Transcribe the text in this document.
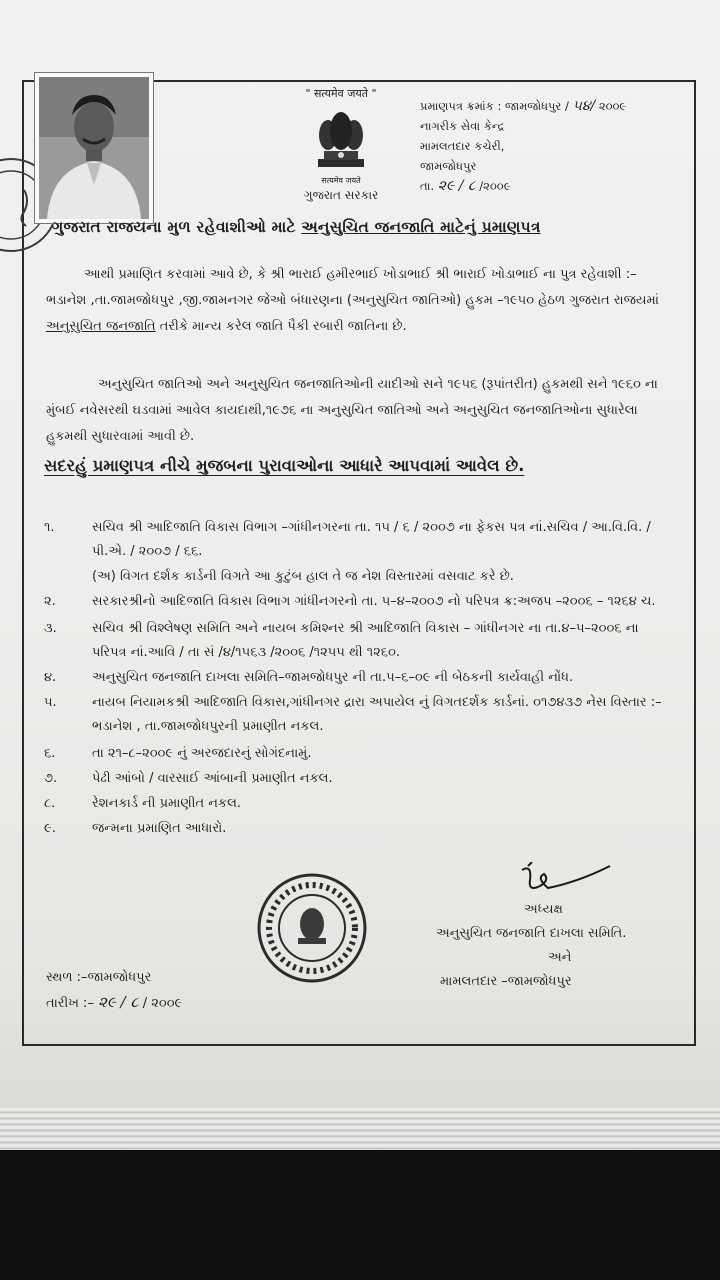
" सत्यमेव जयते "
सत्यमेव जयते
ગુજરાત સરકાર
પ્રમાણપત્ર ક્રમાંક : જામજોધપુર / ૫૪/ ૨૦૦૯
નાગરીક સેવા કેન્દ્ર
મામલતદાર કચેરી,
જામજોધપુર
તા. ૨૯ / ૮ /૨૦૦૯
ગુજરાત રાજયના મુળ રહેવાશીઓ માટે અનુસુચિત જનજાતિ માટેનું પ્રમાણપત્ર
આથી પ્રમાણિત કરવામાં આવે છે, કે શ્રી ભારાઈ હમીરભાઈ ખોડાભાઈ શ્રી ભારાઈ ખોડાભાઈ ના પુત્ર રહેવાશી :– ભડાનેશ ,તા.જામજોધપુર ,જી.જામનગર જેઓ બંધારણના (અનુસુચિત જાતિઓ) હુકમ –૧૯૫૦ હેઠળ ગુજરાત રાજયમાં અનુસુચિત જનજાતિ તરીકે માન્ય કરેલ જાતિ પૈકી રબારી જાતિના છે.
અનુસુચિત જાતિઓ અને અનુસુચિત જનજાતિઓની યાદીઓ સને ૧૯૫૬ (રૂપાંતરીત) હુકમથી સને ૧૯૬૦ ના મુંબઈ નવેસરથી ઘડવામાં આવેલ કાયદાથી,૧૯૭૬ ના અનુસુચિત જાતિઓ અને અનુસુચિત જનજાતિઓના સુધારેલા હુકમથી સુધારવામાં આવી છે.
સદરહું પ્રમાણપત્ર નીચે મુજબના પુરાવાઓના આધારે આપવામાં આવેલ છે.
૧.	સચિવ શ્રી આદિજાતિ વિકાસ વિભાગ –ગાંધીનગરના તા. ૧૫ / ૬ / ૨૦૦૭ ના ફેકસ પત્ર નાં.સચિવ / આ.વિ.વિ. / પી.એ. / ૨૦૦૭ / ૬૬.
(અ) વિગત દર્શક કાર્ડની વિગતે આ કુટુંબ હાલ તે જ નેશ વિસ્તારમાં વસવાટ કરે છે.
૨.	સરકારશ્રીનો આદિજાતિ વિકાસ વિભાગ ગાંધીનગરનો તા. ૫–૪–૨૦૦૭ નો પરિપત્ર ક્ર:અજપ –૨૦૦૬ – ૧૨૬૪ ચ.
૩.	સચિવ શ્રી વિશ્લેષણ સમિતિ અને નાયબ કમિશ્નર શ્રી આદિજાતિ વિકાસ – ગાંધીનગર ના તા.૪–૫–૨૦૦૬ ના પરિપત્ર નાં.આવિ / તા સં /૪/૧૫૬૩ /૨૦૦૬ /૧૨૫૫ થી ૧૨૬૦.
૪.	અનુસુચિત જનજાતિ દાખલા સમિતિ–જામજોધપુર ની તા.૫–૬–૦૯ ની બેઠકની કાર્યવાહી નોંધ.
૫.	નાયબ નિયામકશ્રી આદિજાતિ વિકાસ,ગાંધીનગર દ્રારા અપાયેલ નું વિગતદર્શક કાર્ડનાં. ૦૧૭૪૩૭ નેસ વિસ્તાર :– ભડાનેશ , તા.જામજોધપુરની પ્રમાણીત નકલ.
૬.	તા ૨૧–૮–૨૦૦૯ નું અરજદારનું સોગંદનામું.
૭.	પેઢી આંબો / વારસાઈ આંબાની પ્રમાણીત નકલ.
૮.	રેશનકાર્ડ ની પ્રમાણીત નકલ.
૯.	જન્મના પ્રમાણિત આધારો.
અધ્યક્ષ
અનુસુચિત જનજાતિ દાખલા સમિતિ.
અને
મામલતદાર –જામજોધપુર
સ્થળ :–જામજોધપુર
તારીખ :– ૨૯ / ૮ / ૨૦૦૯
